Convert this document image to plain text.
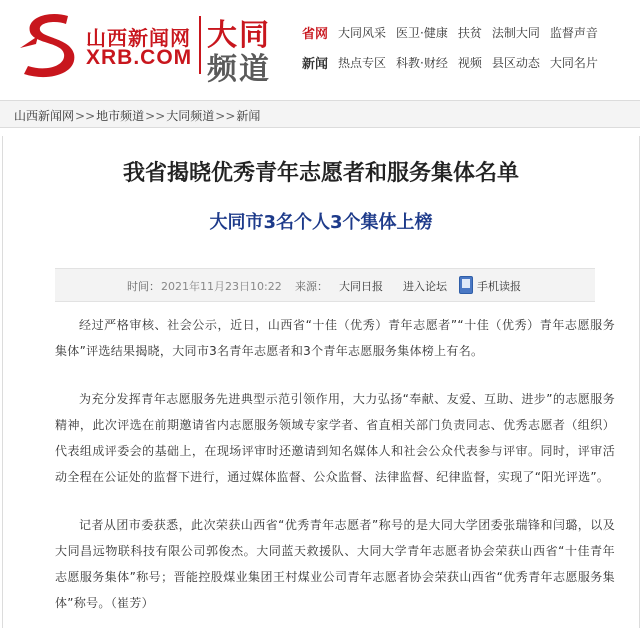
山西新闻网
XRB.COM
大同
频道
省网 大同风采 医卫·健康 扶贫 法制大同 监督声音
新闻 热点专区 科教·财经 视频 县区动态 大同名片
山西新闻网>>地市频道>>大同频道>>新闻
我省揭晓优秀青年志愿者和服务集体名单
大同市3名个人3个集体上榜
时间： 2021年11月23日10:22 来源： 大同日报 进入论坛	手机读报

经过严格审核、社会公示，近日，山西省“十佳（优秀）青年志愿者”“十佳（优秀）青年志愿服务集体”评选结果揭晓，大同市3名青年志愿者和3个青年志愿服务集体榜上有名。

为充分发挥青年志愿服务先进典型示范引领作用，大力弘扬“奉献、友爱、互助、进步”的志愿服务精神，此次评选在前期邀请省内志愿服务领域专家学者、省直相关部门负责同志、优秀志愿者（组织）代表组成评委会的基础上，在现场评审时还邀请到知名媒体人和社会公众代表参与评审。同时，评审活动全程在公证处的监督下进行，通过媒体监督、公众监督、法律监督、纪律监督，实现了“阳光评选”。

记者从团市委获悉，此次荣获山西省“优秀青年志愿者”称号的是大同大学团委张瑞锋和闫璐，以及大同昌远物联科技有限公司郭俊杰。大同蓝天救援队、大同大学青年志愿者协会荣获山西省“十佳青年志愿服务集体”称号；晋能控股煤业集团王村煤业公司青年志愿者协会荣获山西省“优秀青年志愿服务集体”称号。（崔芳）
